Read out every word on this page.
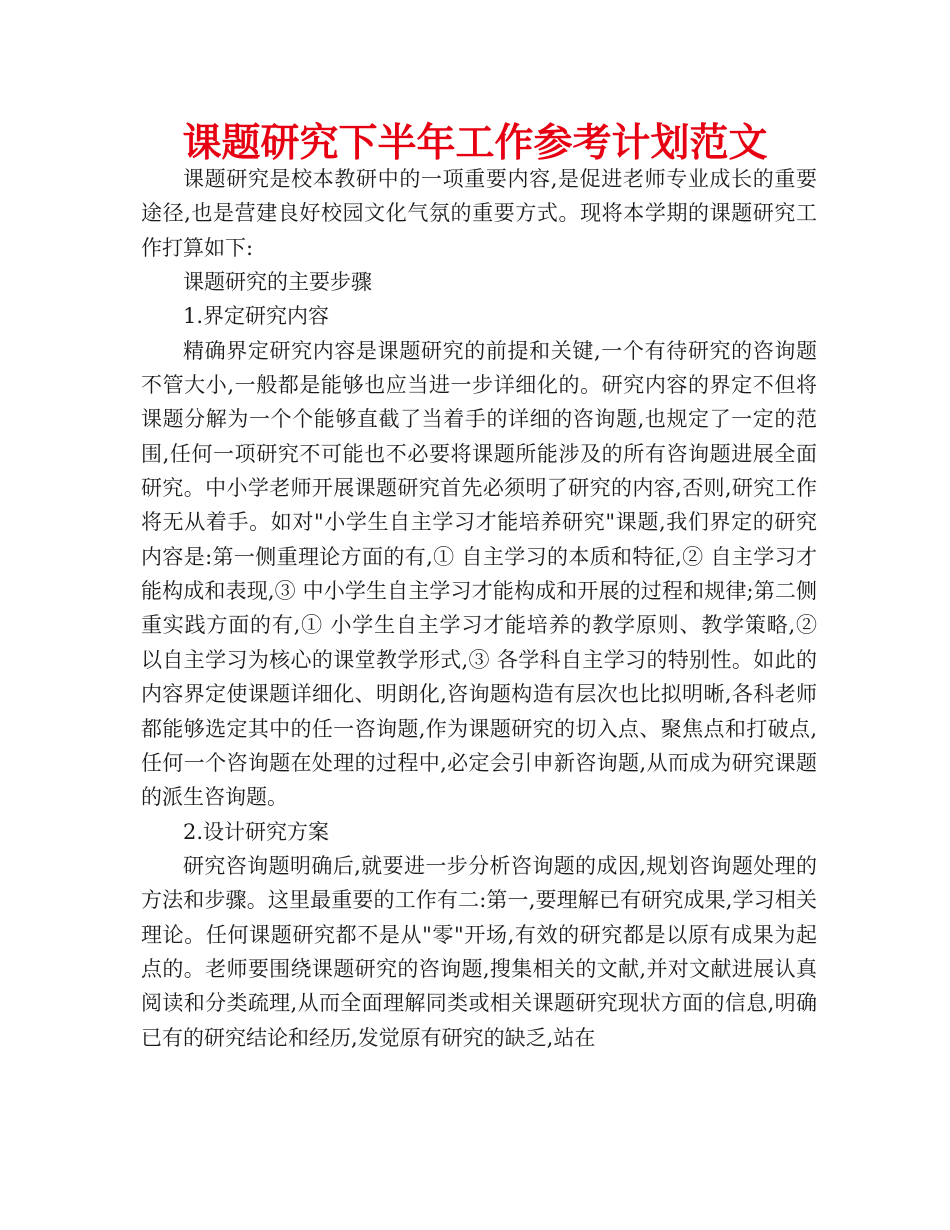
课题研究下半年工作参考计划范文

课题研究是校本教研中的一项重要内容,是促进老师专业成长的重要途径,也是营建良好校园文化气氛的重要方式。现将本学期的课题研究工作打算如下:

课题研究的主要步骤

1.界定研究内容

精确界定研究内容是课题研究的前提和关键,一个有待研究的咨询题不管大小,一般都是能够也应当进一步详细化的。研究内容的界定不但将课题分解为一个个能够直截了当着手的详细的咨询题,也规定了一定的范围,任何一项研究不可能也不必要将课题所能涉及的所有咨询题进展全面研究。中小学老师开展课题研究首先必须明了研究的内容,否则,研究工作将无从着手。如对"小学生自主学习才能培养研究"课题,我们界定的研究内容是:第一侧重理论方面的有,① 自主学习的本质和特征,② 自主学习才能构成和表现,③ 中小学生自主学习才能构成和开展的过程和规律;第二侧重实践方面的有,① 小学生自主学习才能培养的教学原则、教学策略,② 以自主学习为核心的课堂教学形式,③ 各学科自主学习的特别性。如此的内容界定使课题详细化、明朗化,咨询题构造有层次也比拟明晰,各科老师都能够选定其中的任一咨询题,作为课题研究的切入点、聚焦点和打破点,任何一个咨询题在处理的过程中,必定会引申新咨询题,从而成为研究课题的派生咨询题。

2.设计研究方案

研究咨询题明确后,就要进一步分析咨询题的成因,规划咨询题处理的方法和步骤。这里最重要的工作有二:第一,要理解已有研究成果,学习相关理论。任何课题研究都不是从"零"开场,有效的研究都是以原有成果为起点的。老师要围绕课题研究的咨询题,搜集相关的文献,并对文献进展认真阅读和分类疏理,从而全面理解同类或相关课题研究现状方面的信息,明确已有的研究结论和经历,发觉原有研究的缺乏,站在
